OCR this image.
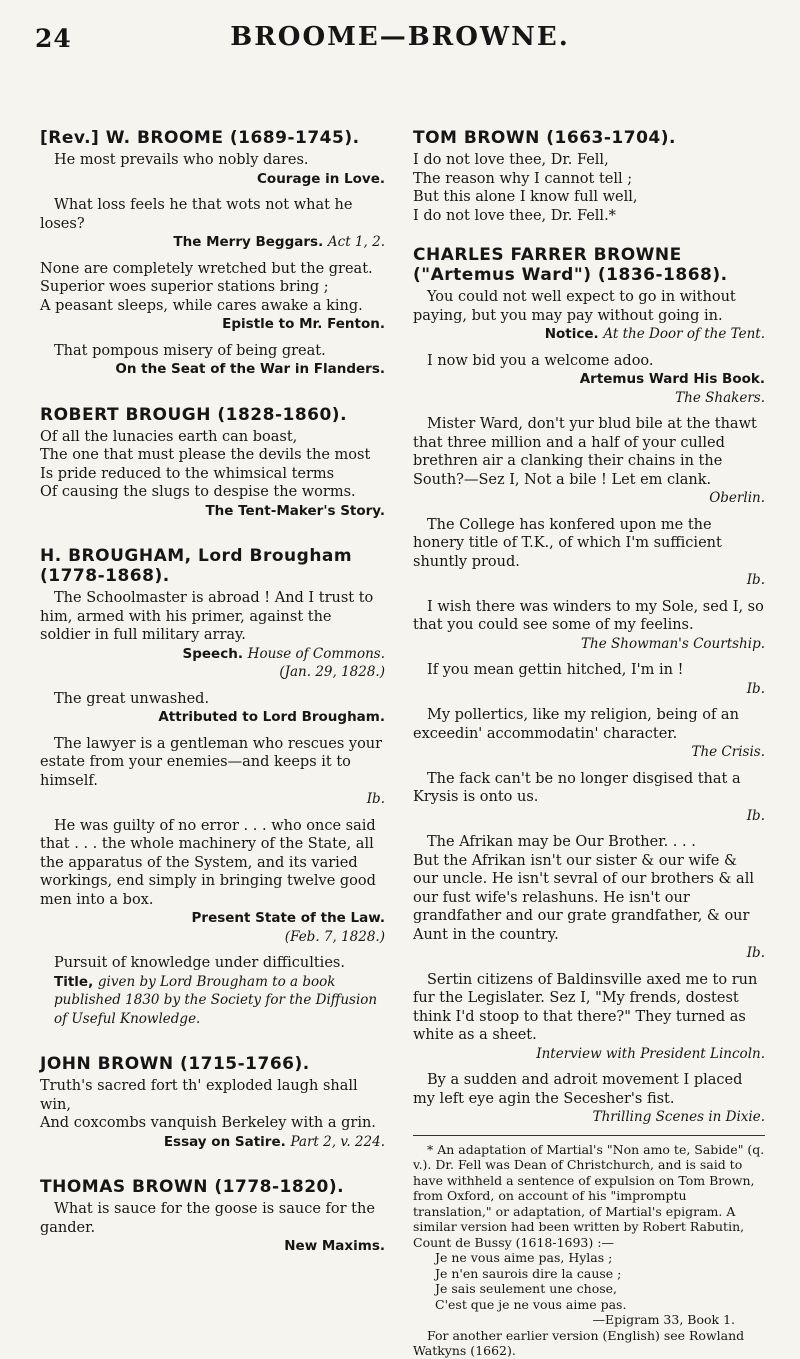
24	BROOME—BROWNE.
[Rev.] W. BROOME (1689-1745).

He most prevails who nobly dares.

Courage in Love.

What loss feels he that wots not what he loses?

The Merry Beggars. Act 1, 2.

None are completely wretched but the great.

Superior woes superior stations bring ;

A peasant sleeps, while cares awake a king.

Epistle to Mr. Fenton.

That pompous misery of being great.

On the Seat of the War in Flanders.

ROBERT BROUGH (1828-1860).

Of all the lunacies earth can boast,

The one that must please the devils the most

Is pride reduced to the whimsical terms

Of causing the slugs to despise the worms.

The Tent-Maker's Story.

H. BROUGHAM, Lord Brougham (1778-1868).

The Schoolmaster is abroad ! And I trust to him, armed with his primer, against the soldier in full military array.

Speech. House of Commons.

(Jan. 29, 1828.)

The great unwashed.

Attributed to Lord Brougham.

The lawyer is a gentleman who rescues your estate from your enemies—and keeps it to himself.

Ib.

He was guilty of no error . . . who once said that . . . the whole machinery of the State, all the apparatus of the System, and its varied workings, end simply in bringing twelve good men into a box.

Present State of the Law.

(Feb. 7, 1828.)

Pursuit of knowledge under difficulties.

Title, given by Lord Brougham to a book published 1830 by the Society for the Diffusion of Useful Knowledge.

JOHN BROWN (1715-1766).

Truth's sacred fort th' exploded laugh shall win,

And coxcombs vanquish Berkeley with a grin.

Essay on Satire. Part 2, v. 224.

THOMAS BROWN (1778-1820).

What is sauce for the goose is sauce for the gander.

New Maxims.

TOM BROWN (1663-1704).

I do not love thee, Dr. Fell,

The reason why I cannot tell ;

But this alone I know full well,

I do not love thee, Dr. Fell.*

CHARLES FARRER BROWNE ("Artemus Ward") (1836-1868).

You could not well expect to go in without paying, but you may pay without going in.

Notice. At the Door of the Tent.

I now bid you a welcome adoo.

Artemus Ward His Book.

The Shakers.

Mister Ward, don't yur blud bile at the thawt that three million and a half of your culled brethren air a clanking their chains in the South?—Sez I, Not a bile ! Let em clank.

Oberlin.

The College has konfered upon me the honery title of T.K., of which I'm sufficient shuntly proud.

Ib.

I wish there was winders to my Sole, sed I, so that you could see some of my feelins.

The Showman's Courtship.

If you mean gettin hitched, I'm in !

Ib.

My pollertics, like my religion, being of an exceedin' accommodatin' character.

The Crisis.

The fack can't be no longer disgised that a Krysis is onto us.

Ib.

The Afrikan may be Our Brother. . . .

But the Afrikan isn't our sister & our wife & our uncle. He isn't sevral of our brothers & all our fust wife's relashuns. He isn't our grandfather and our grate grandfather, & our Aunt in the country.

Ib.

Sertin citizens of Baldinsville axed me to run fur the Legislater. Sez I, "My frends, dostest think I'd stoop to that there?" They turned as white as a sheet.

Interview with President Lincoln.

By a sudden and adroit movement I placed my left eye agin the Secesher's fist.

Thrilling Scenes in Dixie.

* An adaptation of Martial's "Non amo te, Sabide" (q. v.). Dr. Fell was Dean of Christchurch, and is said to have withheld a sentence of expulsion on Tom Brown, from Oxford, on account of his "impromptu translation," or adaptation, of Martial's epigram. A similar version had been written by Robert Rabutin, Count de Bussy (1618-1693) :—

Je ne vous aime pas, Hylas ;

Je n'en saurois dire la cause ;

Je sais seulement une chose,

C'est que je ne vous aime pas.

—Epigram 33, Book 1.

For another earlier version (English) see Rowland Watkyns (1662).
